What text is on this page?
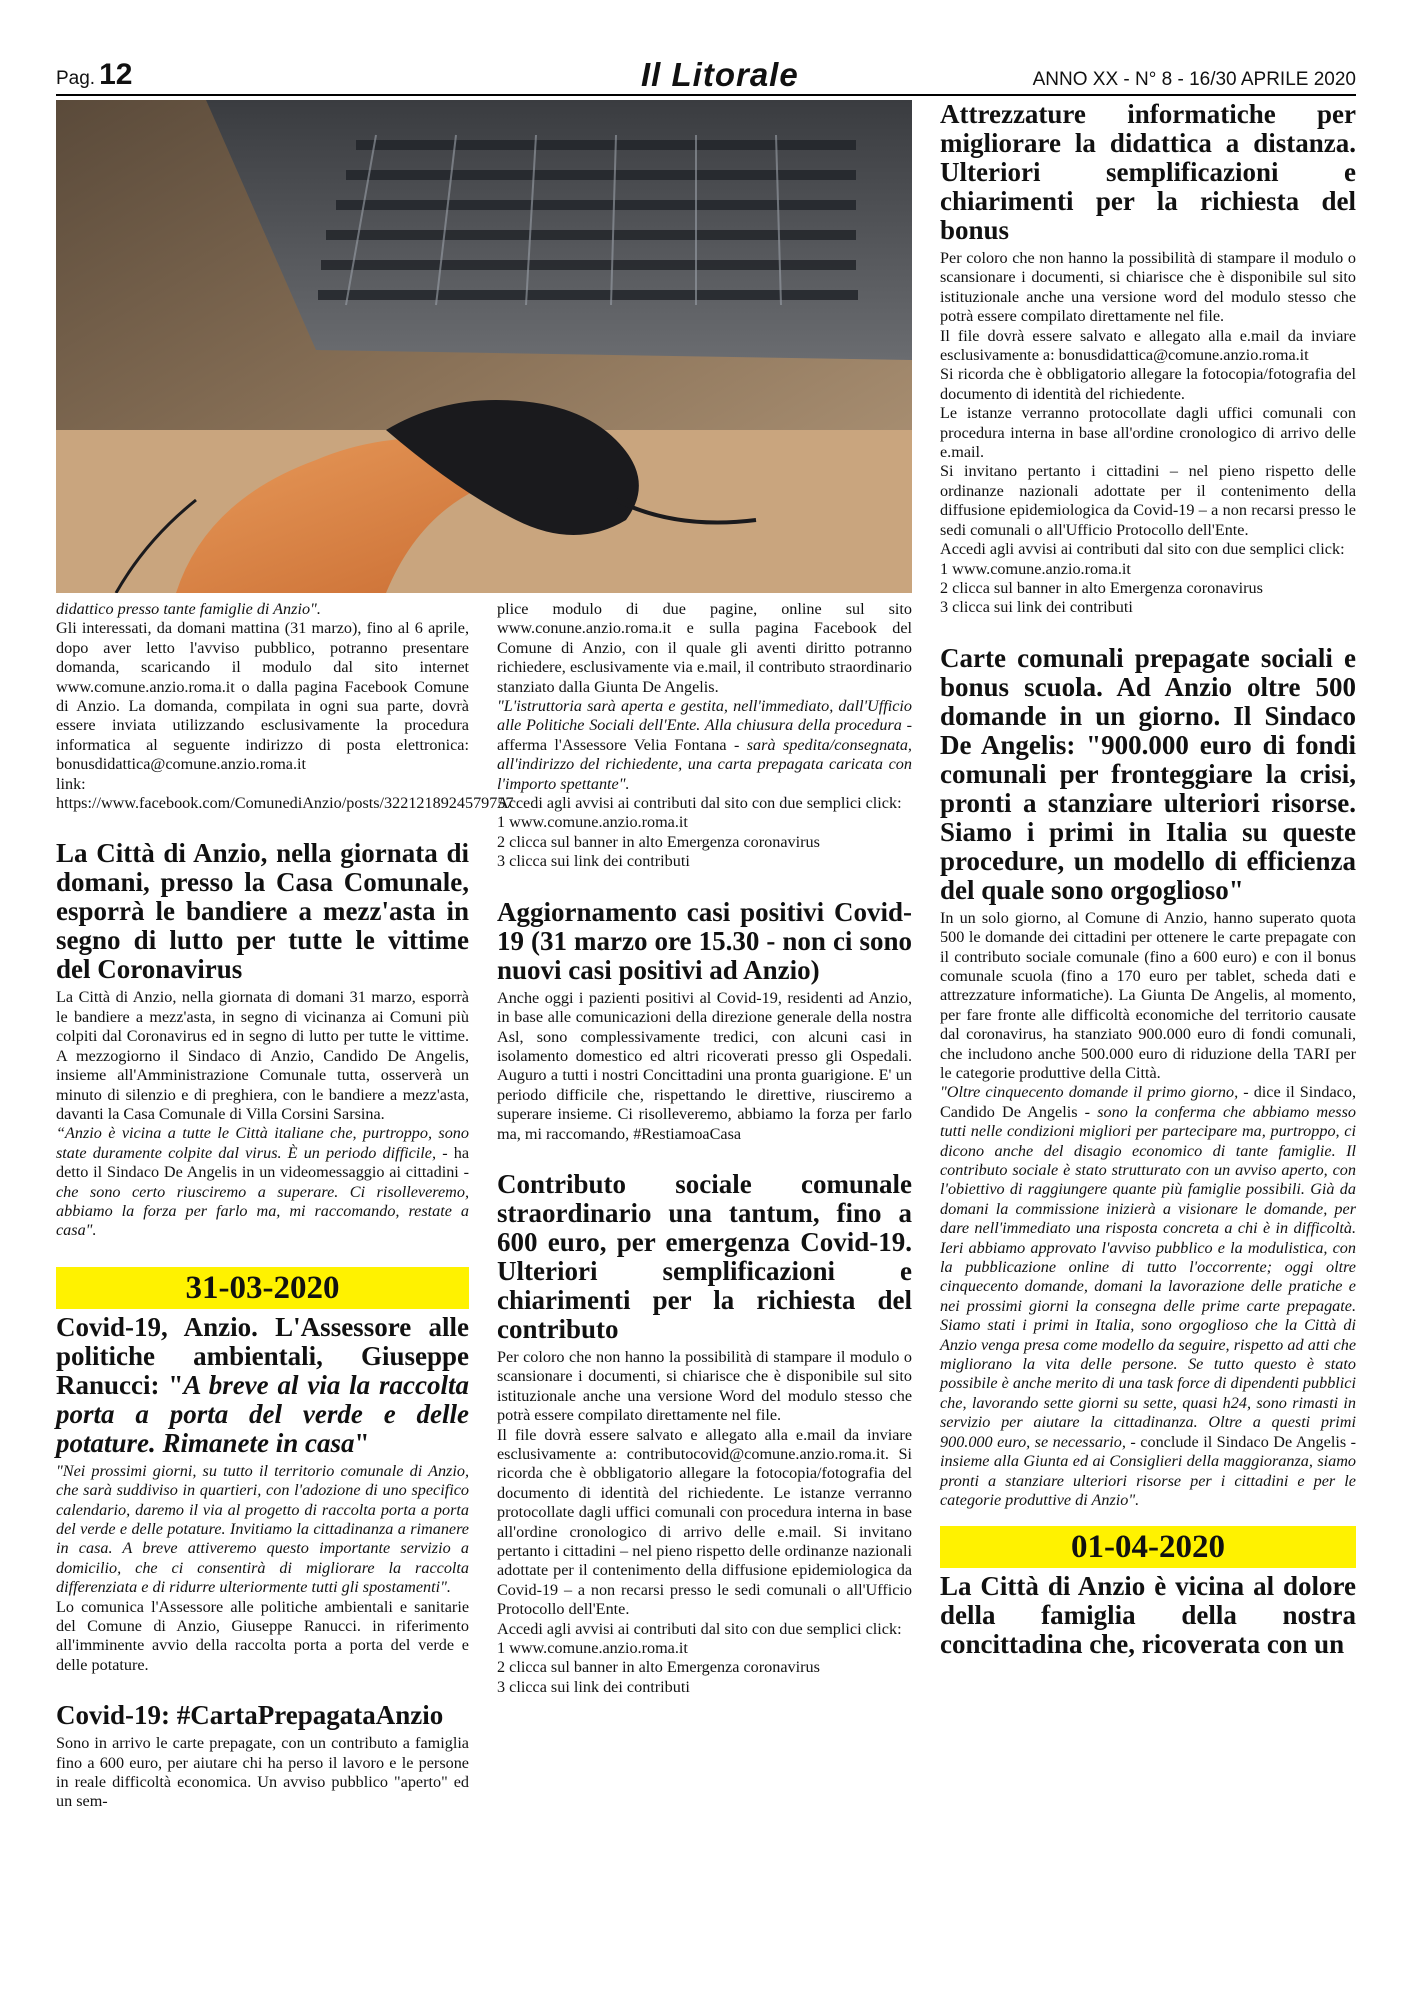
Pag. 12	Il Litorale	ANNO XX - N° 8 - 16/30 APRILE 2020

didattico presso tante famiglie di Anzio".

Gli interessati, da domani mattina (31 marzo), fino al 6 aprile, dopo aver letto l'avviso pubblico, potranno presentare domanda, scaricando il modulo dal sito internet www.comune.anzio.roma.it o dalla pagina Facebook Comune di Anzio. La domanda, compilata in ogni sua parte, dovrà essere inviata utilizzando esclusivamente la procedura informatica al seguente indirizzo di posta elettronica: bonusdidattica@comune.anzio.roma.it

link: https://www.facebook.com/ComunediAnzio/posts/3221218924579757

La Città di Anzio, nella giornata di domani, presso la Casa Comunale, esporrà le bandiere a mezz'asta in segno di lutto per tutte le vittime del Coronavirus

La Città di Anzio, nella giornata di domani 31 marzo, esporrà le bandiere a mezz'asta, in segno di vicinanza ai Comuni più colpiti dal Coronavirus ed in segno di lutto per tutte le vittime. A mezzogiorno il Sindaco di Anzio, Candido De Angelis, insieme all'Amministrazione Comunale tutta, osserverà un minuto di silenzio e di preghiera, con le bandiere a mezz'asta, davanti la Casa Comunale di Villa Corsini Sarsina.

“Anzio è vicina a tutte le Città italiane che, purtroppo, sono state duramente colpite dal virus. È un periodo difficile, - ha detto il Sindaco De Angelis in un videomessaggio ai cittadini - che sono certo riusciremo a superare. Ci risolleveremo, abbiamo la forza per farlo ma, mi raccomando, restate a casa".

31-03-2020
Covid-19, Anzio. L'Assessore alle politiche ambientali, Giuseppe Ranucci: "A breve al via la raccolta porta a porta del verde e delle potature. Rimanete in casa"

"Nei prossimi giorni, su tutto il territorio comunale di Anzio, che sarà suddiviso in quartieri, con l'adozione di uno specifico calendario, daremo il via al progetto di raccolta porta a porta del verde e delle potature. Invitiamo la cittadinanza a rimanere in casa. A breve attiveremo questo importante servizio a domicilio, che ci consentirà di migliorare la raccolta differenziata e di ridurre ulteriormente tutti gli spostamenti".

Lo comunica l'Assessore alle politiche ambientali e sanitarie del Comune di Anzio, Giuseppe Ranucci. in riferimento all'imminente avvio della raccolta porta a porta del verde e delle potature.

Covid-19: #CartaPrepagataAnzio

Sono in arrivo le carte prepagate, con un contributo a famiglia fino a 600 euro, per aiutare chi ha perso il lavoro e le persone in reale difficoltà economica. Un avviso pubblico "aperto" ed un sem-

plice modulo di due pagine, online sul sito www.conune.anzio.roma.it e sulla pagina Facebook del Comune di Anzio, con il quale gli aventi diritto potranno richiedere, esclusivamente via e.mail, il contributo straordinario stanziato dalla Giunta De Angelis.

"L'istruttoria sarà aperta e gestita, nell'immediato, dall'Ufficio alle Politiche Sociali dell'Ente. Alla chiusura della procedura - afferma l'Assessore Velia Fontana - sarà spedita/consegnata, all'indirizzo del richiedente, una carta prepagata caricata con l'importo spettante".

Accedi agli avvisi ai contributi dal sito con due semplici click:

1 www.comune.anzio.roma.it

2 clicca sul banner in alto Emergenza coronavirus

3 clicca sui link dei contributi

Aggiornamento casi positivi Covid-19 (31 marzo ore 15.30 - non ci sono nuovi casi positivi ad Anzio)

Anche oggi i pazienti positivi al Covid-19, residenti ad Anzio, in base alle comunicazioni della direzione generale della nostra Asl, sono complessivamente tredici, con alcuni casi in isolamento domestico ed altri ricoverati presso gli Ospedali. Auguro a tutti i nostri Concittadini una pronta guarigione. E' un periodo difficile che, rispettando le direttive, riusciremo a superare insieme. Ci risolleveremo, abbiamo la forza per farlo ma, mi raccomando, #RestiamoaCasa

Contributo sociale comunale straordinario una tantum, fino a 600 euro, per emergenza Covid-19. Ulteriori semplificazioni e chiarimenti per la richiesta del contributo

Per coloro che non hanno la possibilità di stampare il modulo o scansionare i documenti, si chiarisce che è disponibile sul sito istituzionale anche una versione Word del modulo stesso che potrà essere compilato direttamente nel file.

Il file dovrà essere salvato e allegato alla e.mail da inviare esclusivamente a: contributocovid@comune.anzio.roma.it. Si ricorda che è obbligatorio allegare la fotocopia/fotografia del documento di identità del richiedente. Le istanze verranno protocollate dagli uffici comunali con procedura interna in base all'ordine cronologico di arrivo delle e.mail. Si invitano pertanto i cittadini – nel pieno rispetto delle ordinanze nazionali adottate per il contenimento della diffusione epidemiologica da Covid-19 – a non recarsi presso le sedi comunali o all'Ufficio Protocollo dell'Ente.

Accedi agli avvisi ai contributi dal sito con due semplici click:

1 www.comune.anzio.roma.it

2 clicca sul banner in alto Emergenza coronavirus

3 clicca sui link dei contributi

Attrezzature informatiche per migliorare la didattica a distanza. Ulteriori semplificazioni e chiarimenti per la richiesta del bonus

Per coloro che non hanno la possibilità di stampare il modulo o scansionare i documenti, si chiarisce che è disponibile sul sito istituzionale anche una versione word del modulo stesso che potrà essere compilato direttamente nel file.

Il file dovrà essere salvato e allegato alla e.mail da inviare esclusivamente a: bonusdidattica@comune.anzio.roma.it

Si ricorda che è obbligatorio allegare la fotocopia/fotografia del documento di identità del richiedente.

Le istanze verranno protocollate dagli uffici comunali con procedura interna in base all'ordine cronologico di arrivo delle e.mail.

Si invitano pertanto i cittadini – nel pieno rispetto delle ordinanze nazionali adottate per il contenimento della diffusione epidemiologica da Covid-19 – a non recarsi presso le sedi comunali o all'Ufficio Protocollo dell'Ente.

Accedi agli avvisi ai contributi dal sito con due semplici click:

1 www.comune.anzio.roma.it

2 clicca sul banner in alto Emergenza coronavirus

3 clicca sui link dei contributi

Carte comunali prepagate sociali e bonus scuola. Ad Anzio oltre 500 domande in un giorno. Il Sindaco De Angelis: "900.000 euro di fondi comunali per fronteggiare la crisi, pronti a stanziare ulteriori risorse. Siamo i primi in Italia su queste procedure, un modello di efficienza del quale sono orgoglioso"

In un solo giorno, al Comune di Anzio, hanno superato quota 500 le domande dei cittadini per ottenere le carte prepagate con il contributo sociale comunale (fino a 600 euro) e con il bonus comunale scuola (fino a 170 euro per tablet, scheda dati e attrezzature informatiche). La Giunta De Angelis, al momento, per fare fronte alle difficoltà economiche del territorio causate dal coronavirus, ha stanziato 900.000 euro di fondi comunali, che includono anche 500.000 euro di riduzione della TARI per le categorie produttive della Città.

"Oltre cinquecento domande il primo giorno, - dice il Sindaco, Candido De Angelis - sono la conferma che abbiamo messo tutti nelle condizioni migliori per partecipare ma, purtroppo, ci dicono anche del disagio economico di tante famiglie. Il contributo sociale è stato strutturato con un avviso aperto, con l'obiettivo di raggiungere quante più famiglie possibili. Già da domani la commissione inizierà a visionare le domande, per dare nell'immediato una risposta concreta a chi è in difficoltà. Ieri abbiamo approvato l'avviso pubblico e la modulistica, con la pubblicazione online di tutto l'occorrente; oggi oltre cinquecento domande, domani la lavorazione delle pratiche e nei prossimi giorni la consegna delle prime carte prepagate. Siamo stati i primi in Italia, sono orgoglioso che la Città di Anzio venga presa come modello da seguire, rispetto ad atti che migliorano la vita delle persone. Se tutto questo è stato possibile è anche merito di una task force di dipendenti pubblici che, lavorando sette giorni su sette, quasi h24, sono rimasti in servizio per aiutare la cittadinanza. Oltre a questi primi 900.000 euro, se necessario, - conclude il Sindaco De Angelis - insieme alla Giunta ed ai Consiglieri della maggioranza, siamo pronti a stanziare ulteriori risorse per i cittadini e per le categorie produttive di Anzio".

01-04-2020
La Città di Anzio è vicina al dolore della famiglia della nostra concittadina che, ricoverata con un
